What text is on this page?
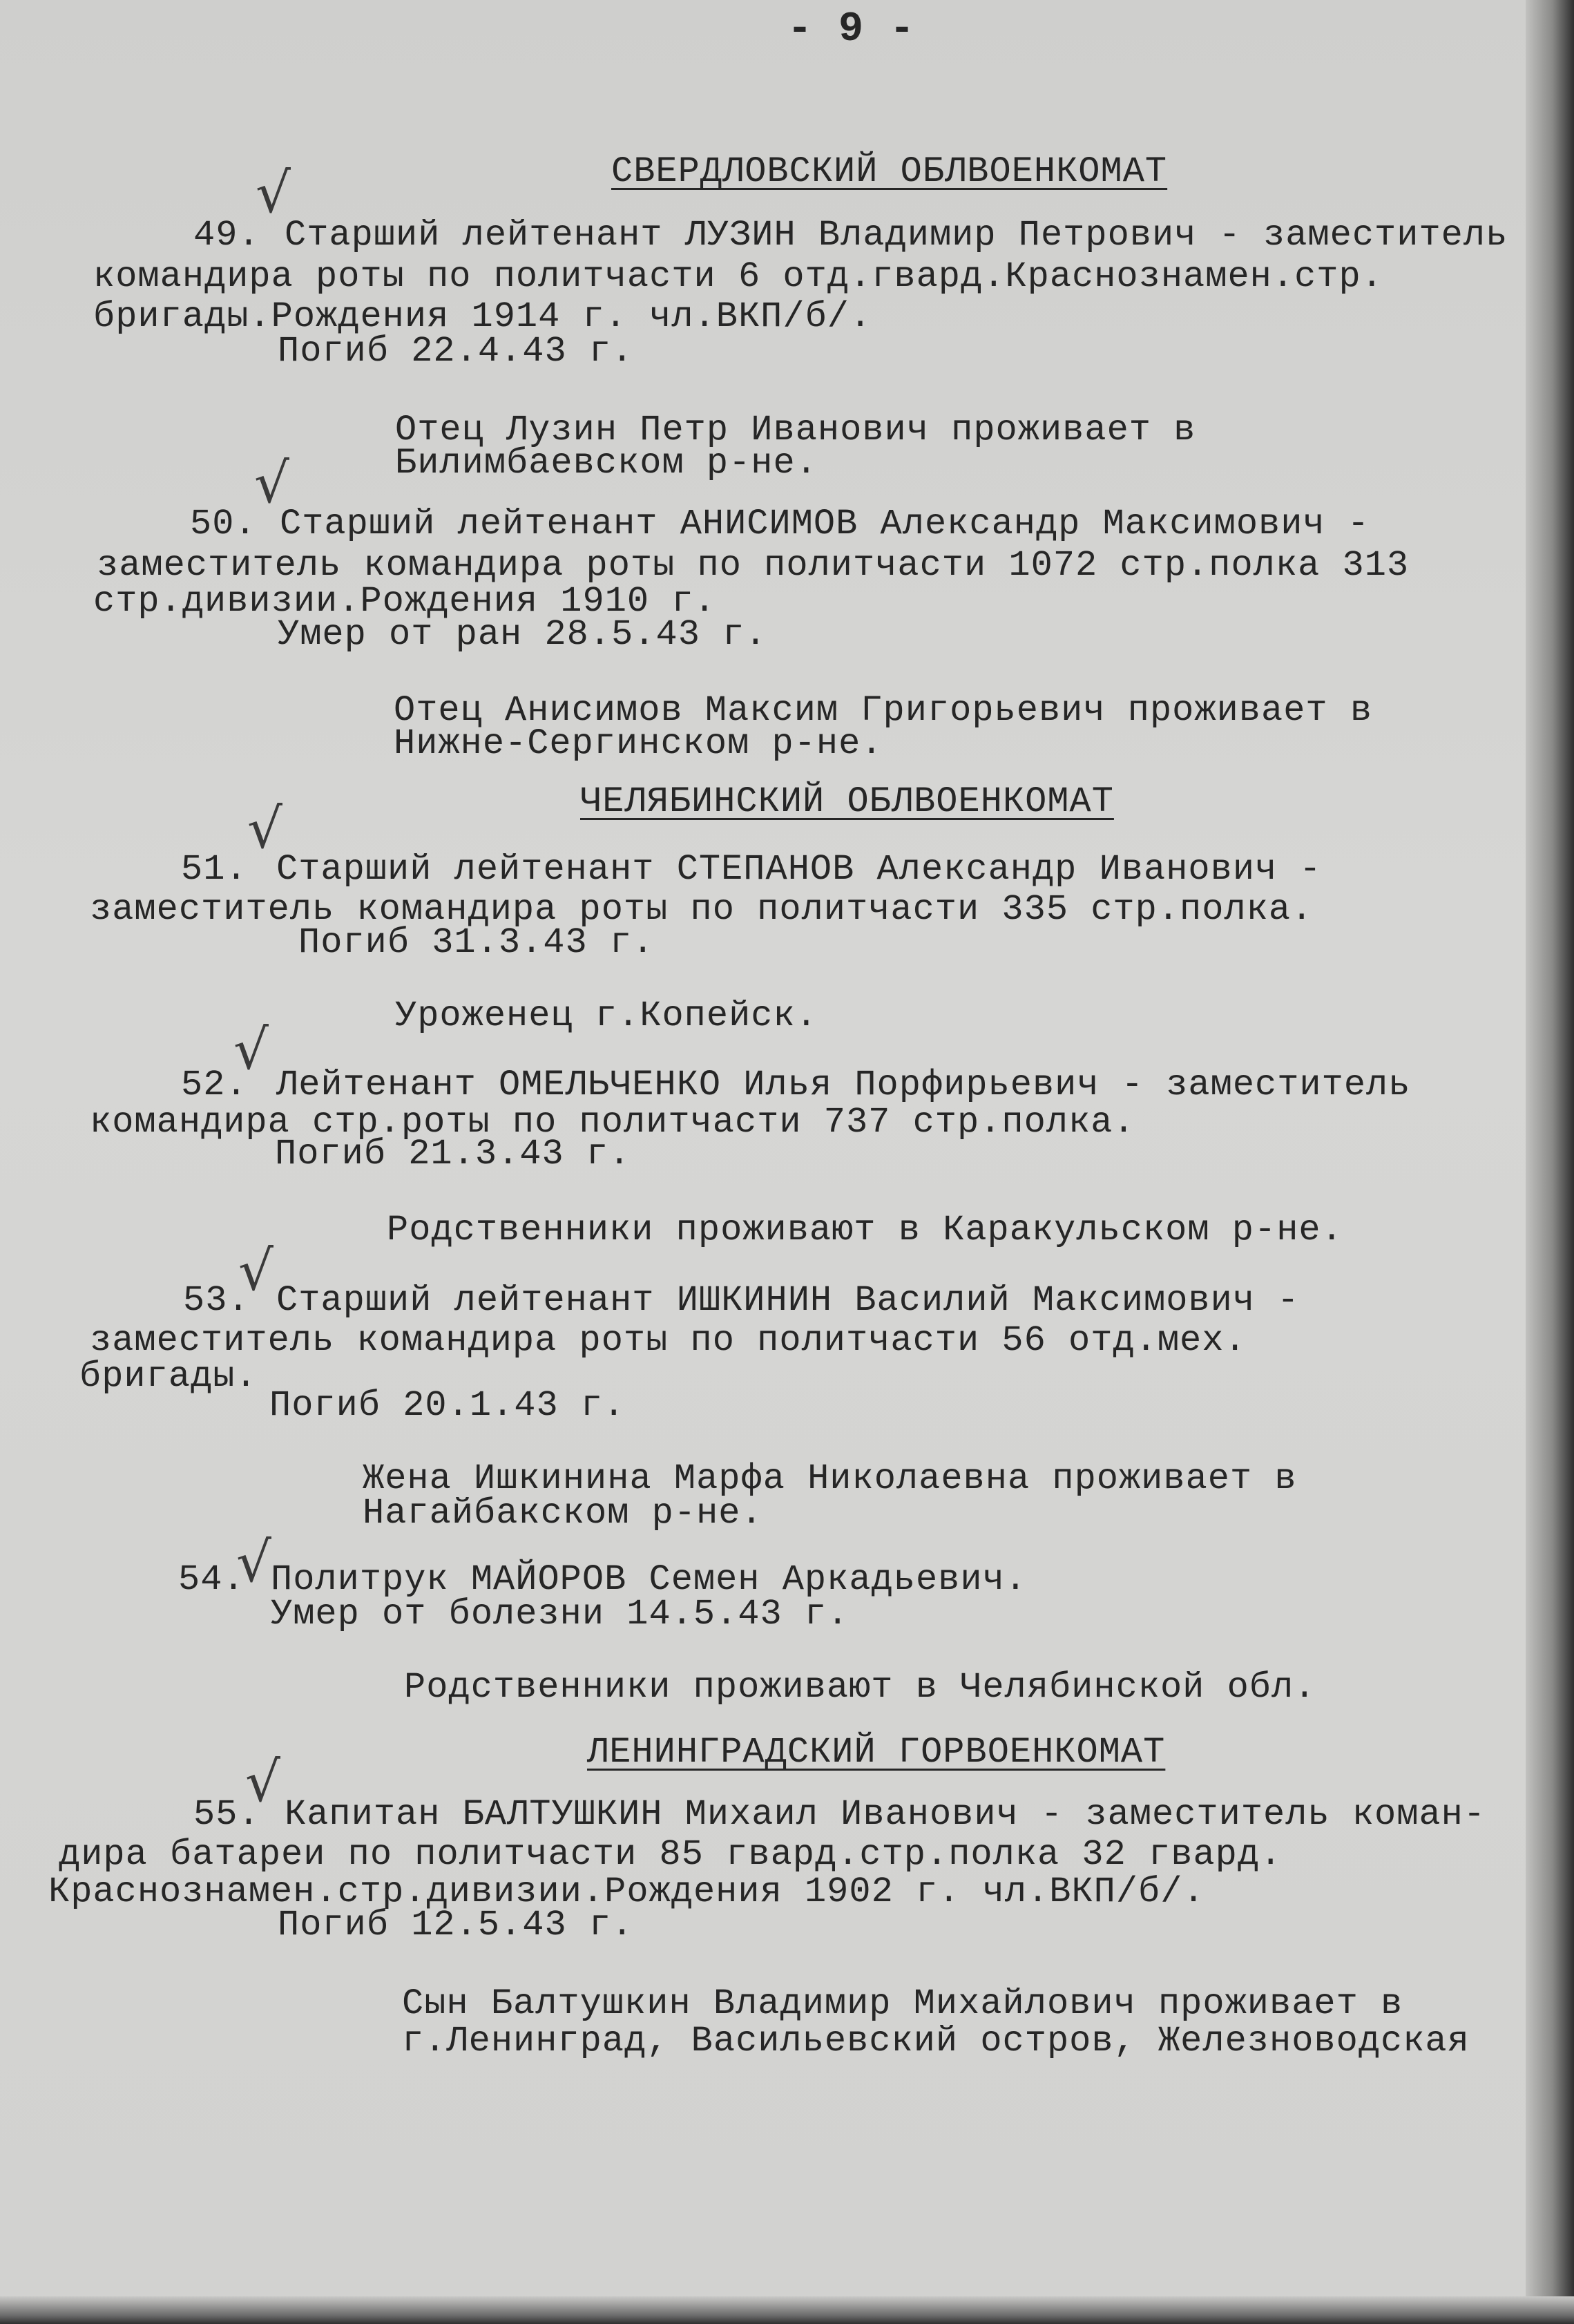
- 9 -
СВЕРДЛОВСКИЙ ОБЛВОЕНКОМАТ
√
49. Старший лейтенант ЛУЗИН Владимир Петрович - заместитель
командира роты по политчасти 6 отд.гвард.Краснознамен.стр.
бригады.Рождения 1914 г. чл.ВКП/б/.
Погиб 22.4.43 г.
Отец Лузин Петр Иванович проживает в
Билимбаевском р-не.
√
50. Старший лейтенант АНИСИМОВ Александр Максимович -
заместитель командира роты по политчасти 1072 стр.полка 313
стр.дивизии.Рождения 1910 г.
Умер от ран 28.5.43 г.
Отец Анисимов Максим Григорьевич проживает в
Нижне-Сергинском р-не.
ЧЕЛЯБИНСКИЙ ОБЛВОЕНКОМАТ
√
51. Старший лейтенант СТЕПАНОВ Александр Иванович -
заместитель командира роты по политчасти 335 стр.полка.
Погиб 31.3.43 г.
Уроженец г.Копейск.
√
52. Лейтенант ОМЕЛЬЧЕНКО Илья Порфирьевич - заместитель
командира стр.роты по политчасти 737 стр.полка.
Погиб 21.3.43 г.
Родственники проживают в Каракульском р-не.
√
53. Старший лейтенант ИШКИНИН Василий Максимович -
заместитель командира роты по политчасти 56 отд.мех.
бригады.
Погиб 20.1.43 г.
Жена Ишкинина Марфа Николаевна проживает в
Нагайбакском р-не.
√
54. Политрук МАЙОРОВ Семен Аркадьевич.
Умер от болезни 14.5.43 г.
Родственники проживают в Челябинской обл.
ЛЕНИНГРАДСКИЙ ГОРВОЕНКОМАТ
√
55. Капитан БАЛТУШКИН Михаил Иванович - заместитель коман-
дира батареи по политчасти 85 гвард.стр.полка 32 гвард.
Краснознамен.стр.дивизии.Рождения 1902 г. чл.ВКП/б/.
Погиб 12.5.43 г.
Сын Балтушкин Владимир Михайлович проживает в
г.Ленинград, Васильевский остров, Железноводская
